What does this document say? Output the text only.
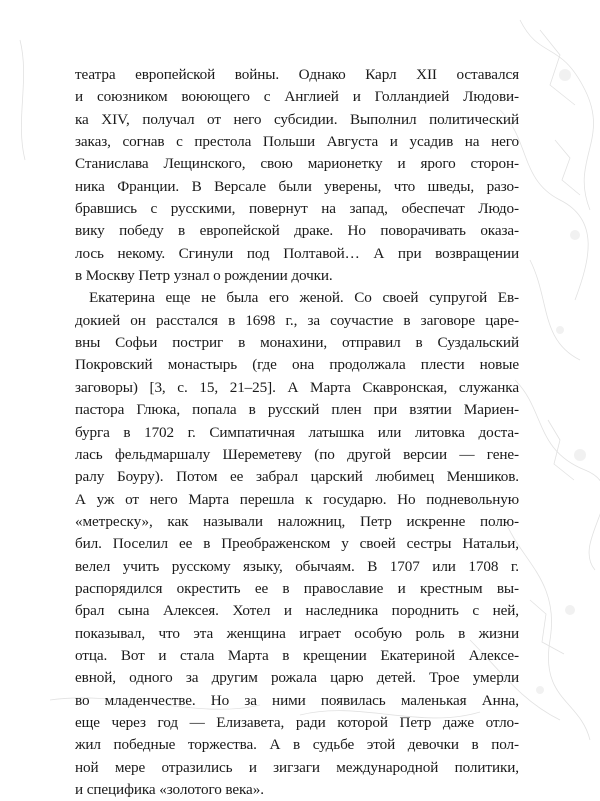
театра европейской войны. Однако Карл XII оставался
и союзником воюющего с Англией и Голландией Людови-
ка XIV, получал от него субсидии. Выполнил политический
заказ, согнав с престола Польши Августа и усадив на него
Станислава Лещинского, свою марионетку и ярого сторон-
ника Франции. В Версале были уверены, что шведы, разо-
бравшись с русскими, повернут на запад, обеспечат Людо-
вику победу в европейской драке. Но поворачивать оказа-
лось некому. Сгинули под Полтавой… А при возвращении
в Москву Петр узнал о рождении дочки.
Екатерина еще не была его женой. Со своей супругой Ев-
докией он расстался в 1698 г., за соучастие в заговоре царе-
вны Софьи постриг в монахини, отправил в Суздальский
Покровский монастырь (где она продолжала плести новые
заговоры) [3, с. 15, 21–25]. А Марта Скавронская, служанка
пастора Глюка, попала в русский плен при взятии Мариен-
бурга в 1702 г. Симпатичная латышка или литовка доста-
лась фельдмаршалу Шереметеву (по другой версии — гене-
ралу Боуру). Потом ее забрал царский любимец Меншиков.
А уж от него Марта перешла к государю. Но подневольную
«метреску», как называли наложниц, Петр искренне полю-
бил. Поселил ее в Преображенском у своей сестры Натальи,
велел учить русскому языку, обычаям. В 1707 или 1708 г.
распорядился окрестить ее в православие и крестным вы-
брал сына Алексея. Хотел и наследника породнить с ней,
показывал, что эта женщина играет особую роль в жизни
отца. Вот и стала Марта в крещении Екатериной Алексе-
евной, одного за другим рожала царю детей. Трое умерли
во младенчестве. Но за ними появилась маленькая Анна,
еще через год — Елизавета, ради которой Петр даже отло-
жил победные торжества. А в судьбе этой девочки в пол-
ной мере отразились и зигзаги международной политики,
и специфика «золотого века».
